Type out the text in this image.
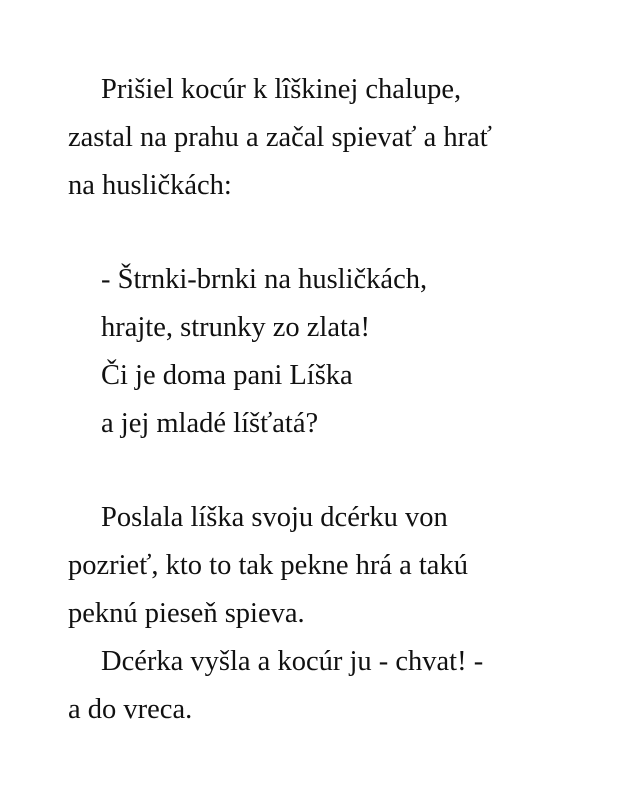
Prišiel kocúr k lîškinej chalupe,
zastal na prahu a začal spievať a hrať
na husličkách:
- Štrnki-brnki na husličkách,
hrajte, strunky zo zlata!
Či je doma pani Líška
a jej mladé líšťatá?
Poslala líška svoju dcérku von
pozrieť, kto to tak pekne hrá a takú
peknú pieseň spieva.
Dcérka vyšla a kocúr ju - chvat! -
a do vreca.
